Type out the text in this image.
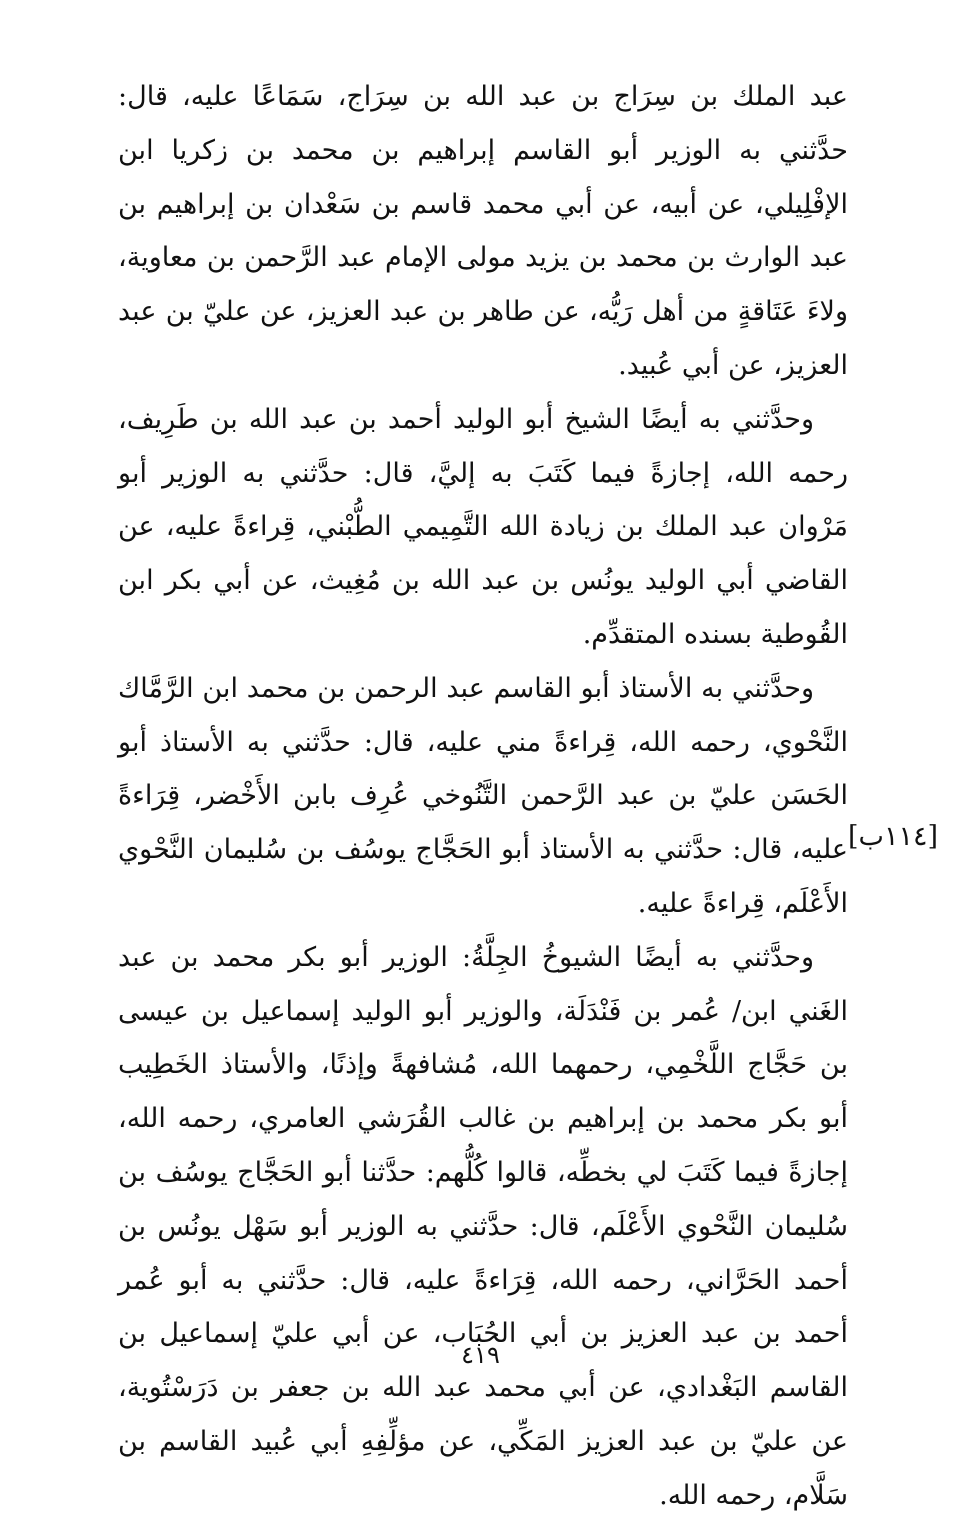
عبد الملك بن سِرَاج بن عبد الله بن سِرَاج، سَمَاعًا عليه، قال: حدَّثني به الوزير أبو القاسم إبراهيم بن محمد بن زكريا ابن الإفْلِيلي، عن أبيه، عن أبي محمد قاسم بن سَعْدان بن إبراهيم بن عبد الوارث بن محمد بن يزيد مولى الإمام عبد الرَّحمن بن معاوية، ولاءَ عَتَاقةٍ من أهل رَيُّه، عن طاهر بن عبد العزيز، عن عليّ بن عبد العزيز، عن أبي عُبيد.

وحدَّثني به أيضًا الشيخ أبو الوليد أحمد بن عبد الله بن طَرِيف، رحمه الله، إجازةً فيما كَتَبَ به إليَّ، قال: حدَّثني به الوزير أبو مَرْوان عبد الملك بن زيادة الله التَّمِيمي الطُّبْني، قِراءةً عليه، عن القاضي أبي الوليد يونُس بن عبد الله بن مُغِيث، عن أبي بكر ابن القُوطية بسنده المتقدِّم.

وحدَّثني به الأستاذ أبو القاسم عبد الرحمن بن محمد ابن الرَّمَّاك النَّحْوي، رحمه الله، قِراءةً مني عليه، قال: حدَّثني به الأستاذ أبو الحَسَن عليّ بن عبد الرَّحمن التَّنُوخي عُرِف بابن الأَخْضر، قِرَاءةً عليه، قال: حدَّثني به الأستاذ أبو الحَجَّاج يوسُف بن سُليمان النَّحْوي الأَعْلَم، قِراءةً عليه.

وحدَّثني به أيضًا الشيوخُ الجِلَّةُ: الوزير أبو بكر محمد بن عبد الغَني ابن/ عُمر بن فَنْدَلَة، والوزير أبو الوليد إسماعيل بن عيسى بن حَجَّاج اللَّخْمِي، رحمهما الله، مُشافهةً وإذنًا، والأستاذ الخَطِيب أبو بكر محمد بن إبراهيم بن غالب القُرَشي العامري، رحمه الله، إجازةً فيما كَتَبَ لي بخطِّه، قالوا كُلُّهم: حدَّثنا أبو الحَجَّاج يوسُف بن سُليمان النَّحْوي الأَعْلَم، قال: حدَّثني به الوزير أبو سَهْل يونُس بن أحمد الحَرَّاني، رحمه الله، قِرَاءةً عليه، قال: حدَّثني به أبو عُمر أحمد بن عبد العزيز بن أبي الحُبَاب، عن أبي عليّ إسماعيل بن القاسم البَغْدادي، عن أبي محمد عبد الله بن جعفر بن دَرَسْتُوية، عن عليّ بن عبد العزيز المَكِّي، عن مؤلِّفِهِ أبي عُبيد القاسم بن سَلَّام، رحمه الله.

[١١٤ب]
٤١٩
